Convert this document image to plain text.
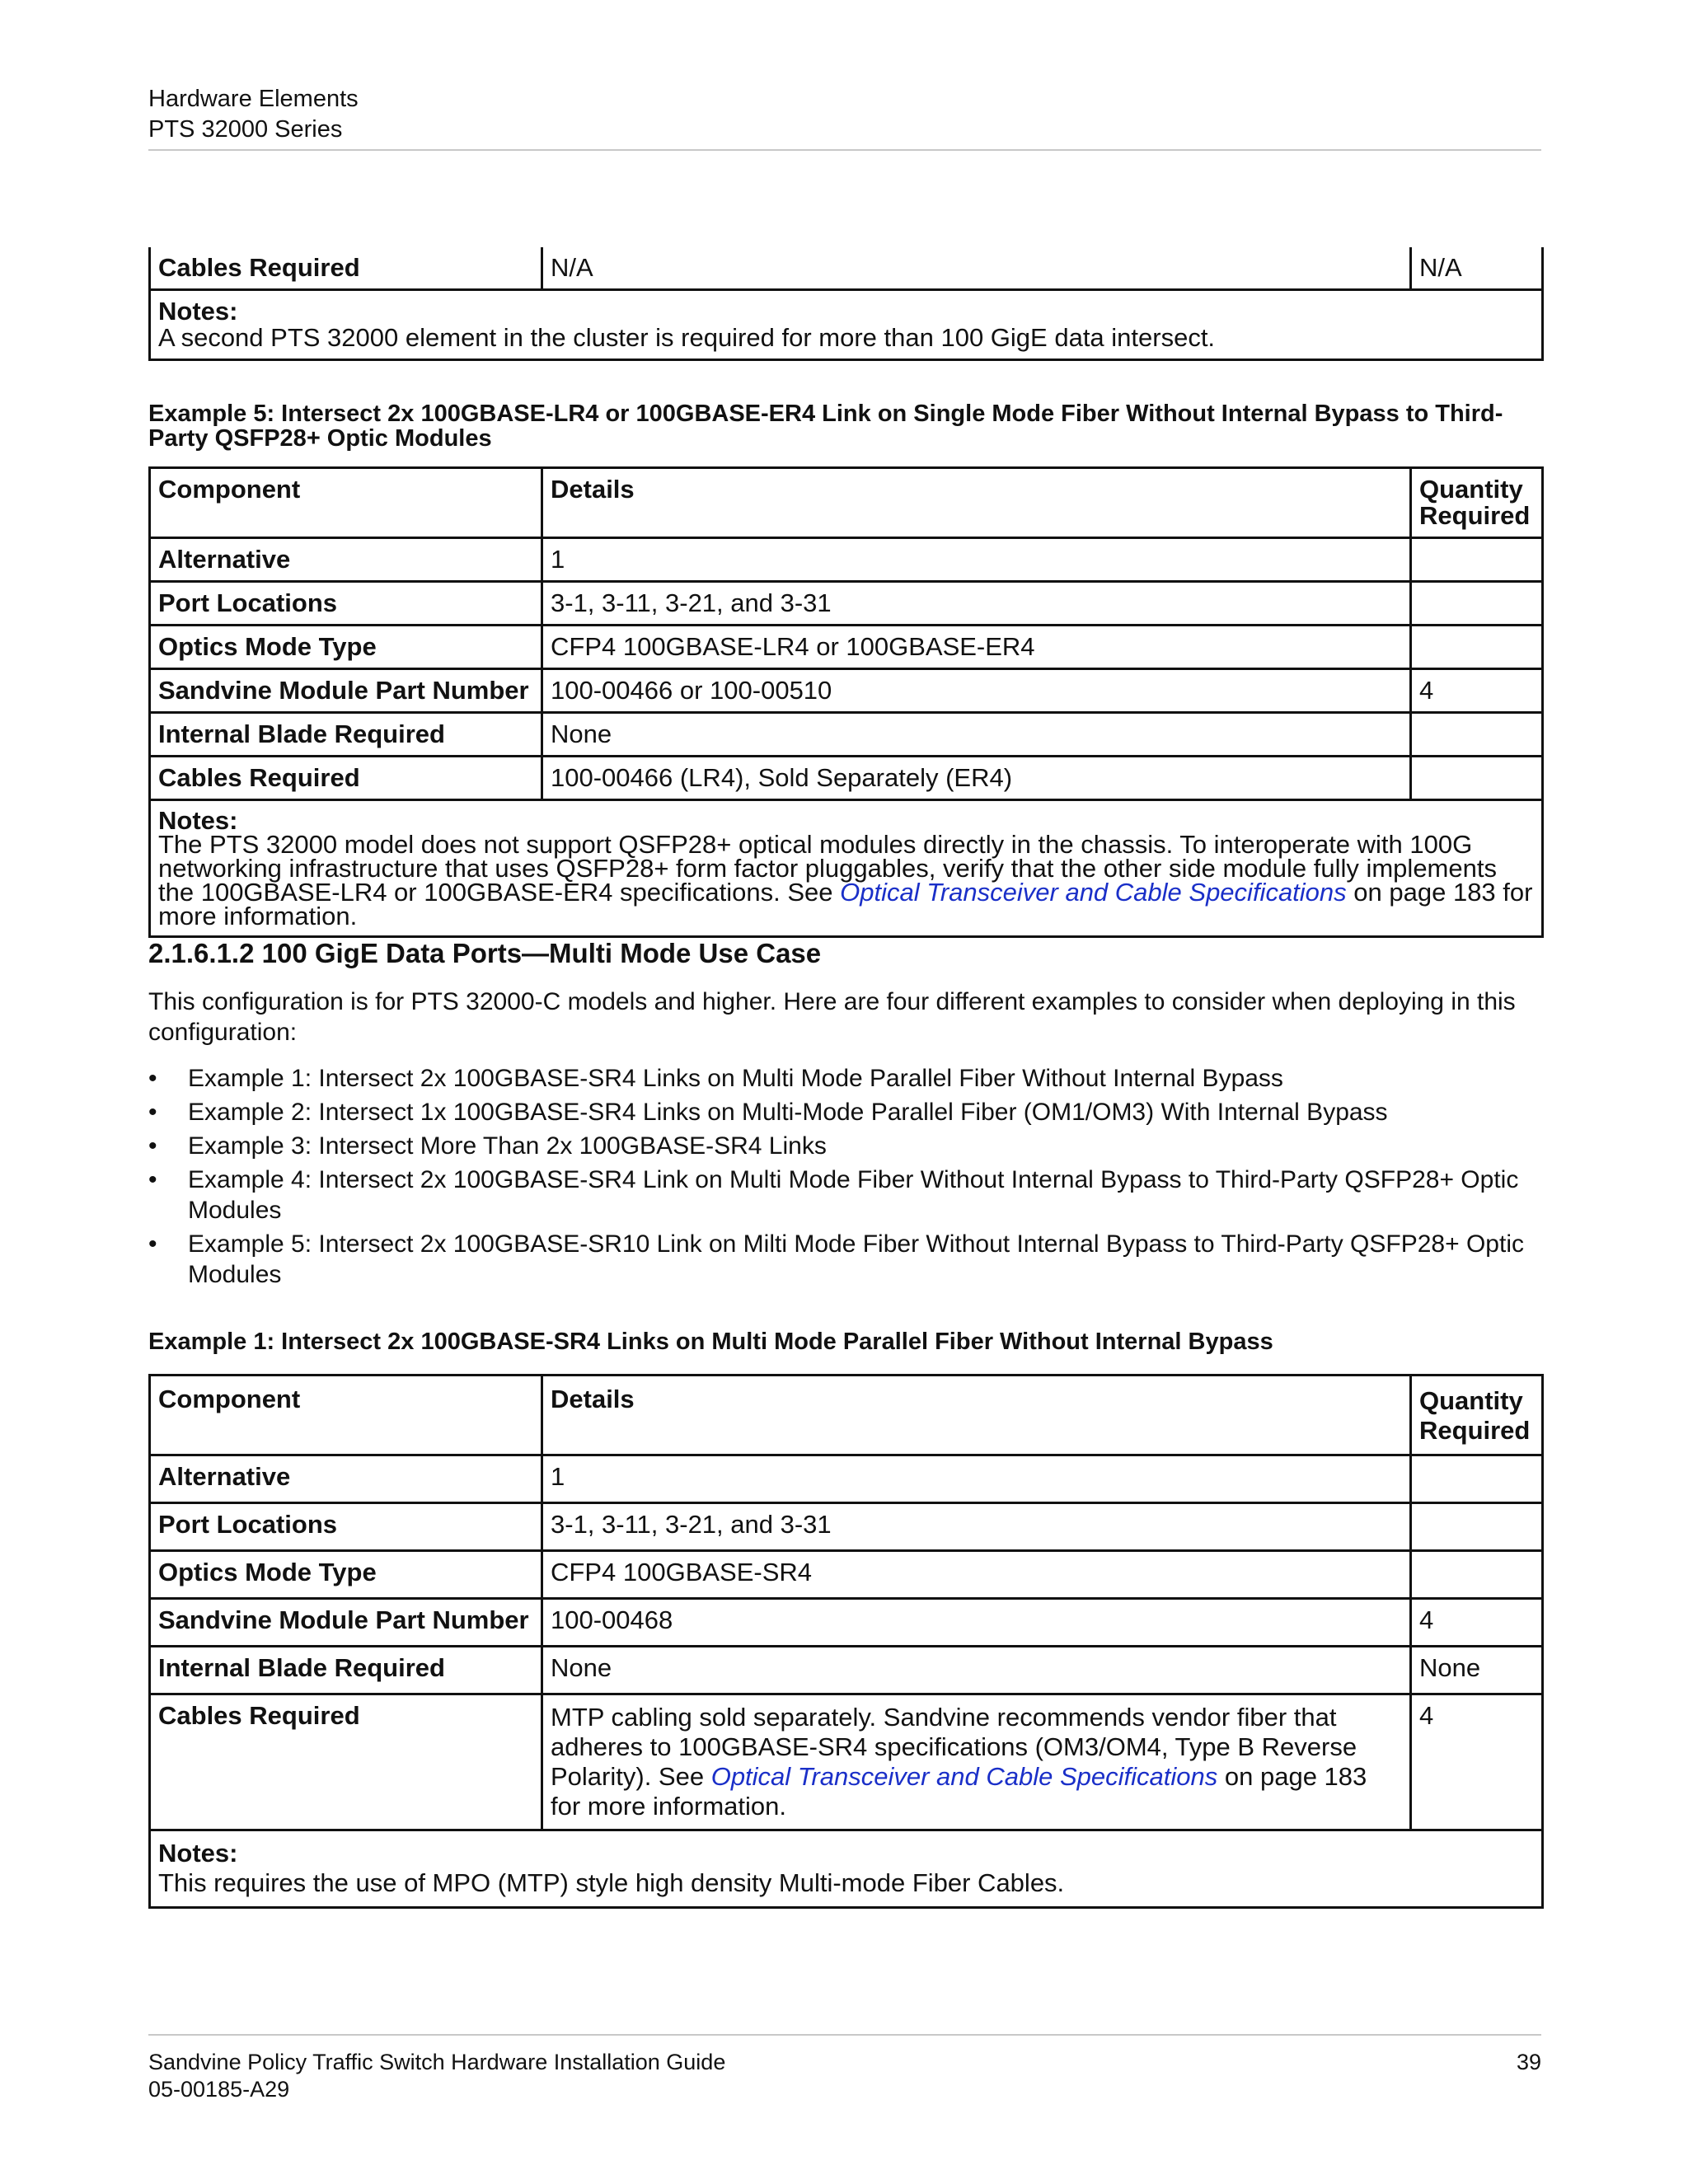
Hardware Elements
PTS 32000 Series
Cables Required	N/A	N/A

Notes:
A second PTS 32000 element in the cluster is required for more than 100 GigE data intersect.
Example 5: Intersect 2x 100GBASE-LR4 or 100GBASE-ER4 Link on Single Mode Fiber Without Internal Bypass to Third-Party QSFP28+ Optic Modules
Component	Details	Quantity Required
Alternative	1	
Port Locations	3-1, 3-11, 3-21, and 3-31	
Optics Mode Type	CFP4 100GBASE-LR4 or 100GBASE-ER4	
Sandvine Module Part Number	100-00466 or 100-00510	4
Internal Blade Required	None	
Cables Required	100-00466 (LR4), Sold Separately (ER4)	

Notes:
The PTS 32000 model does not support QSFP28+ optical modules directly in the chassis. To interoperate with 100G networking infrastructure that uses QSFP28+ form factor pluggables, verify that the other side module fully implements the 100GBASE-LR4 or 100GBASE-ER4 specifications. See Optical Transceiver and Cable Specifications on page 183 for more information.		
2.1.6.1.2 100 GigE Data Ports—Multi Mode Use Case
This configuration is for PTS 32000-C models and higher. Here are four different examples to consider when deploying in this configuration:
• Example 1: Intersect 2x 100GBASE-SR4 Links on Multi Mode Parallel Fiber Without Internal Bypass
• Example 2: Intersect 1x 100GBASE-SR4 Links on Multi-Mode Parallel Fiber (OM1/OM3) With Internal Bypass
• Example 3: Intersect More Than 2x 100GBASE-SR4 Links
• Example 4: Intersect 2x 100GBASE-SR4 Link on Multi Mode Fiber Without Internal Bypass to Third-Party QSFP28+ Optic Modules
• Example 5: Intersect 2x 100GBASE-SR10 Link on Milti Mode Fiber Without Internal Bypass to Third-Party QSFP28+ Optic Modules
Example 1: Intersect 2x 100GBASE-SR4 Links on Multi Mode Parallel Fiber Without Internal Bypass
Component	Details	Quantity Required
Alternative	1	
Port Locations	3-1, 3-11, 3-21, and 3-31	
Optics Mode Type	CFP4 100GBASE-SR4	
Sandvine Module Part Number	100-00468	4
Internal Blade Required	None	None
Cables Required	MTP cabling sold separately. Sandvine recommends vendor fiber that adheres to 100GBASE-SR4 specifications (OM3/OM4, Type B Reverse Polarity). See Optical Transceiver and Cable Specifications on page 183 for more information.	4

Notes:
This requires the use of MPO (MTP) style high density Multi-mode Fiber Cables.		
Sandvine Policy Traffic Switch Hardware Installation Guide
05-00185-A29
39
